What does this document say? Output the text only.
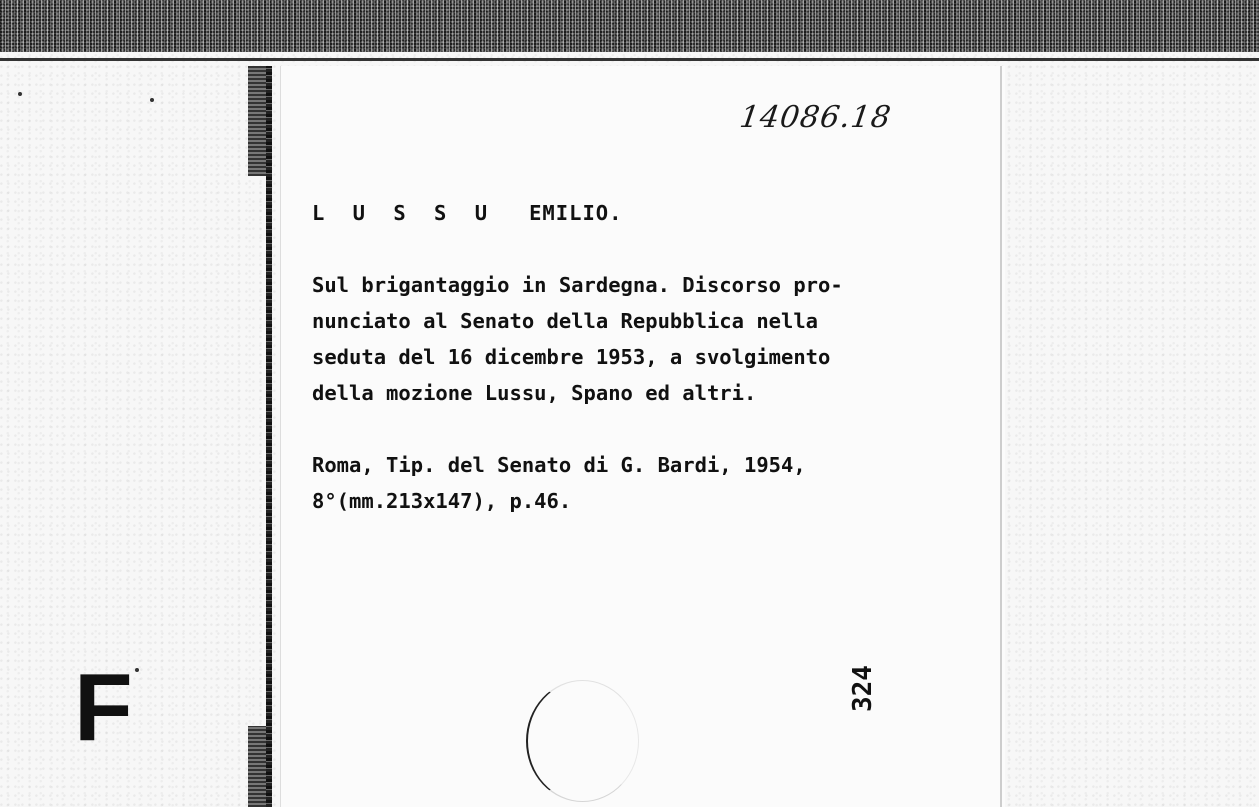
14086.18
L U S S U EMILIO.
Sul brigantaggio in Sardegna. Discorso pro-
nunciato al Senato della Repubblica nella
seduta del 16 dicembre 1953, a svolgimento
della mozione Lussu, Spano ed altri.
Roma, Tip. del Senato di G. Bardi, 1954,
8°(mm.213x147), p.46.
324
F
